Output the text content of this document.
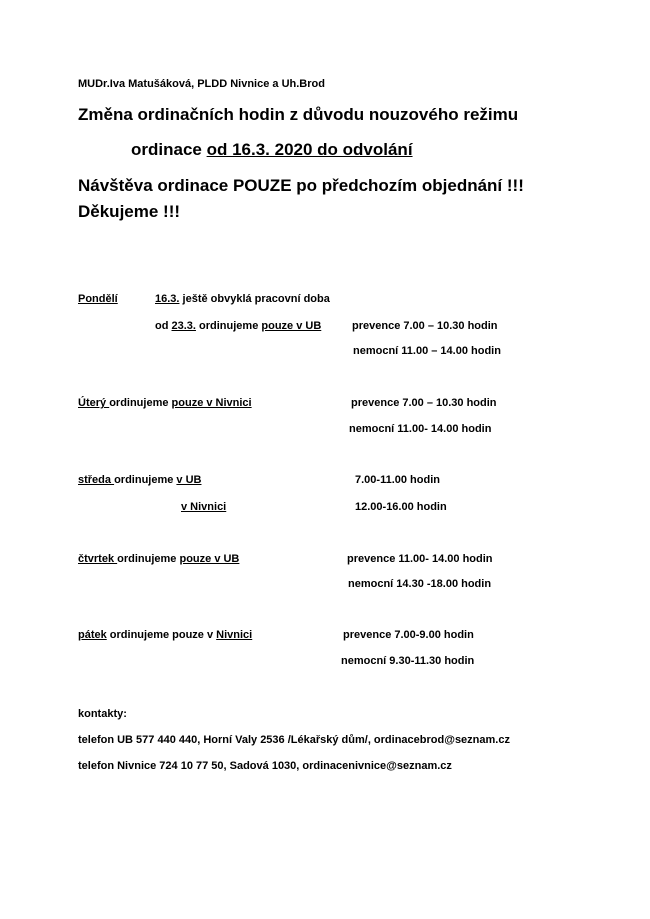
MUDr.Iva Matušáková, PLDD Nivnice a Uh.Brod
Změna ordinačních hodin z důvodu nouzového režimu
ordinace od 16.3. 2020 do odvolání
Návštěva ordinace POUZE po předchozím objednání !!!
Děkujeme !!!
Pondělí	16.3. ještě obvyklá pracovní doba
od 23.3. ordinujeme pouze v UB	prevence 7.00 – 10.30 hodin
nemocní 11.00 – 14.00 hodin
Úterý ordinujeme pouze v Nivnici	prevence 7.00 – 10.30 hodin
nemocní 11.00- 14.00 hodin
středa ordinujeme v UB	7.00-11.00 hodin
v Nivnici	12.00-16.00 hodin
čtvrtek ordinujeme pouze v UB	prevence 11.00- 14.00 hodin
nemocní 14.30 -18.00 hodin
pátek ordinujeme pouze v Nivnici	prevence 7.00-9.00 hodin
nemocní 9.30-11.30 hodin
kontakty:
telefon UB 577 440 440, Horní Valy 2536 /Lékařský dům/, ordinacebrod@seznam.cz
telefon Nivnice 724 10 77 50, Sadová 1030, ordinacenivnice@seznam.cz
